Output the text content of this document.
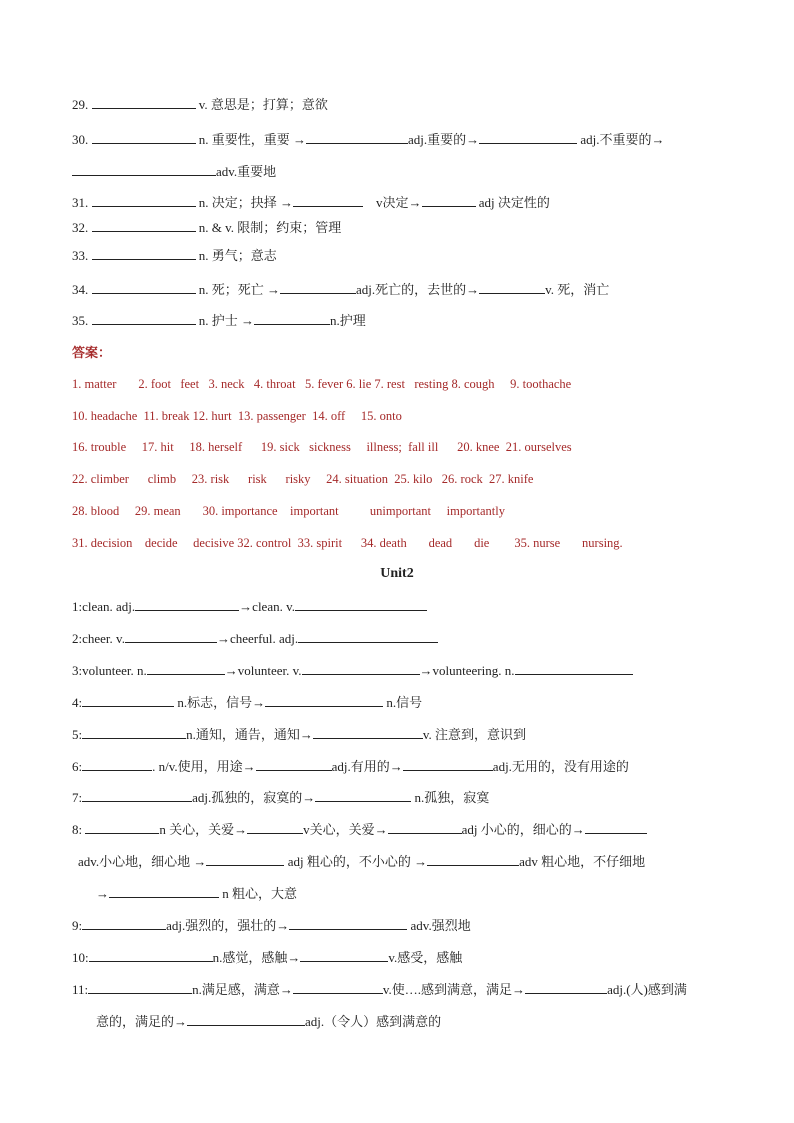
29.	v. 意思是；打算；意欲
30.	n. 重要性，重要 →	adj.重要的→	adj.不重要的→
adv.重要地
31.	n. 决定；抉择 →	v决定→	adj 决定性的
32.	n. & v. 限制；约束；管理
33.	n. 勇气；意志
34.	n. 死；死亡 →	adj.死亡的，去世的→	v. 死，消亡
35.	n. 护士 →	n.护理
答案：
1. matter 2. foot feet 3. neck 4. throat 5. fever 6. lie 7. rest resting 8. cough 9. toothache
10. headache 11. break 12. hurt 13. passenger 14. off 15. onto
16. trouble 17. hit 18. herself 19. sick sickness illness; fall ill 20. knee 21. ourselves
22. climber climb 23. risk risk risky 24. situation 25. kilo 26. rock 27. knife
28. blood 29. mean 30. importance important	unimportant importantly
31. decision decide decisive 32. control 33. spirit 34. death dead die 35. nurse nursing.
Unit2
1:clean. adj.	→clean. v.
2:cheer. v.	→cheerful. adj.
3:volunteer. n.	→volunteer. v.	→volunteering. n.
4:	n.标志，信号→	n.信号
5:	n.通知，通告，通知→	v. 注意到，意识到
6:	. n/v.使用，用途→	adj.有用的→	adj.无用的，没有用途的
7:	adj.孤独的，寂寞的→	n.孤独，寂寞
8:	n 关心，关爱→	v关心，关爱→	adj 小心的，细心的→
adv.小心地，细心地 →	adj 粗心的，不小心的 →	adv 粗心地，不仔细地
→	n 粗心，大意
9:	adj.强烈的，强壮的→	adv.强烈地
10:	n.感觉，感触→	v.感受，感触
11:	n.满足感，满意→	v.使….感到满意，满足→	adj.(人)感到满
意的，满足的→	adj.（令人）感到满意的
